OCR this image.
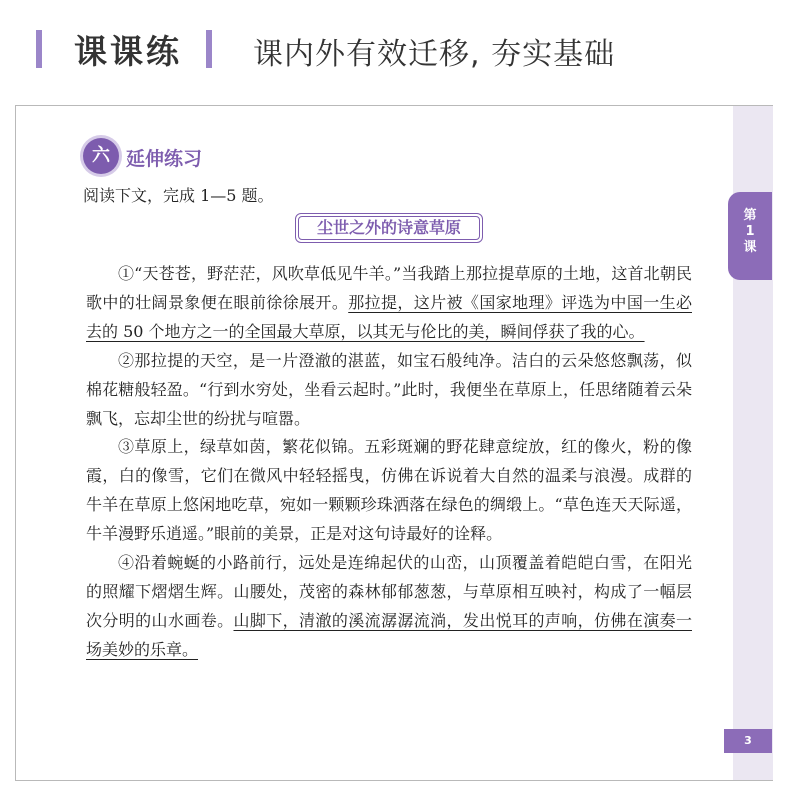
课课练 课内外有效迁移, 夯实基础
第
1
课
3
六 延伸练习
阅读下文，完成 1—5 题。
尘世之外的诗意草原

①“天苍苍，野茫茫，风吹草低见牛羊。”当我踏上那拉提草原的土地，这首北朝民歌中的壮阔景象便在眼前徐徐展开。那拉提，这片被《国家地理》评选为中国一生必去的 50 个地方之一的全国最大草原，以其无与伦比的美，瞬间俘获了我的心。

②那拉提的天空，是一片澄澈的湛蓝，如宝石般纯净。洁白的云朵悠悠飘荡，似棉花糖般轻盈。“行到水穷处，坐看云起时。”此时，我便坐在草原上，任思绪随着云朵飘飞，忘却尘世的纷扰与喧嚣。

③草原上，绿草如茵，繁花似锦。五彩斑斓的野花肆意绽放，红的像火，粉的像霞，白的像雪，它们在微风中轻轻摇曳，仿佛在诉说着大自然的温柔与浪漫。成群的牛羊在草原上悠闲地吃草，宛如一颗颗珍珠洒落在绿色的绸缎上。“草色连天天际遥，牛羊漫野乐逍遥。”眼前的美景，正是对这句诗最好的诠释。

④沿着蜿蜒的小路前行，远处是连绵起伏的山峦，山顶覆盖着皑皑白雪，在阳光的照耀下熠熠生辉。山腰处，茂密的森林郁郁葱葱，与草原相互映衬，构成了一幅层次分明的山水画卷。山脚下，清澈的溪流潺潺流淌，发出悦耳的声响，仿佛在演奏一场美妙的乐章。
